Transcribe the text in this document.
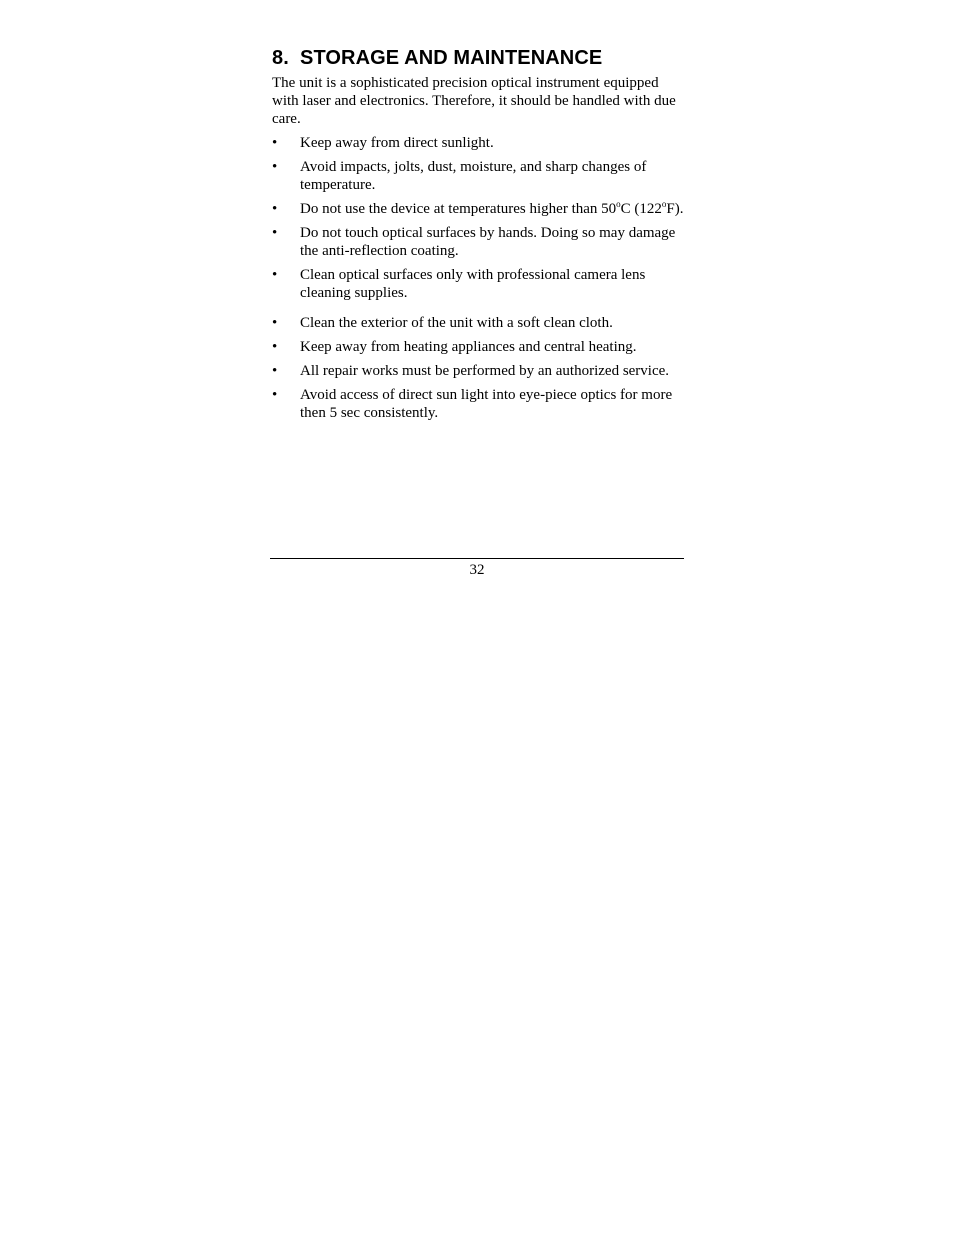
8. STORAGE AND MAINTENANCE

The unit is a sophisticated precision optical instrument equipped with laser and electronics. Therefore, it should be handled with due care.

•	Keep away from direct sunlight.
•	Avoid impacts, jolts, dust, moisture, and sharp changes of temperature.
•	Do not use the device at temperatures higher than 50$^o$C (122$^o$F).
•	Do not touch optical surfaces by hands. Doing so may damage the anti-reflection coating.
•	Clean optical surfaces only with professional camera lens cleaning supplies.
•	Clean the exterior of the unit with a soft clean cloth.
•	Keep away from heating appliances and central heating.
•	All repair works must be performed by an authorized service.
•	Avoid access of direct sun light into eye-piece optics for more then 5 sec consistently.
32
